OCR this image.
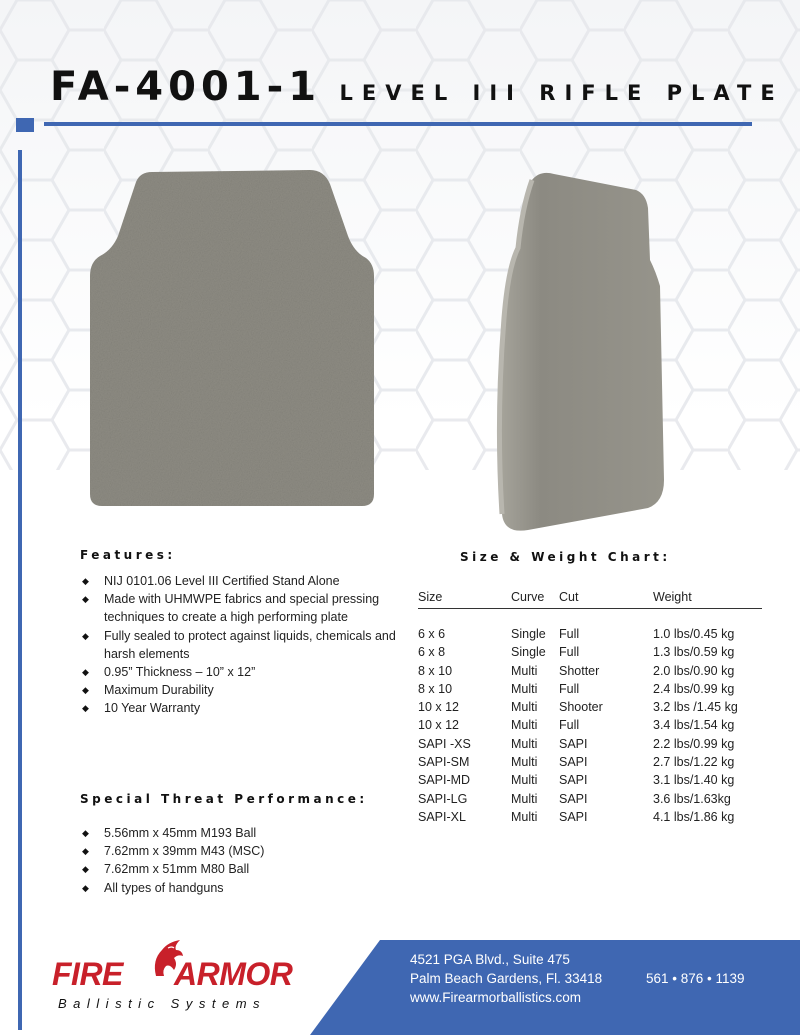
FA-4001-1 LEVEL III RIFLE PLATE
Features:
◆ NIJ 0101.06 Level III Certified Stand Alone
◆ Made with UHMWPE fabrics and special pressing techniques to create a high performing plate
◆ Fully sealed to protect against liquids, chemicals and harsh elements
◆ 0.95” Thickness – 10” x 12”
◆ Maximum Durability
◆ 10 Year Warranty
Special Threat Performance:
◆ 5.56mm x 45mm M193 Ball
◆ 7.62mm x 39mm M43 (MSC)
◆ 7.62mm x 51mm M80 Ball
◆ All types of handguns
Size & Weight Chart:
Size	Curve	Cut	Weight
6 x 6	Single	Full	1.0 lbs/0.45 kg
6 x 8	Single	Full	1.3 lbs/0.59 kg
8 x 10	Multi	Shotter	2.0 lbs/0.90 kg
8 x 10	Multi	Full	2.4 lbs/0.99 kg
10 x 12	Multi	Shooter	3.2 lbs /1.45 kg
10 x 12	Multi	Full	3.4 lbs/1.54 kg
SAPI -XS	Multi	SAPI	2.2 lbs/0.99 kg
SAPI-SM	Multi	SAPI	2.7 lbs/1.22 kg
SAPI-MD	Multi	SAPI	3.1 lbs/1.40 kg
SAPI-LG	Multi	SAPI	3.6 lbs/1.63kg
SAPI-XL	Multi	SAPI	4.1 lbs/1.86 kg
4521 PGA Blvd., Suite 475
Palm Beach Gardens, Fl. 33418
www.Firearmorballistics.com
561 • 876 • 1139
FIRE ARMOR
Ballistic Systems
